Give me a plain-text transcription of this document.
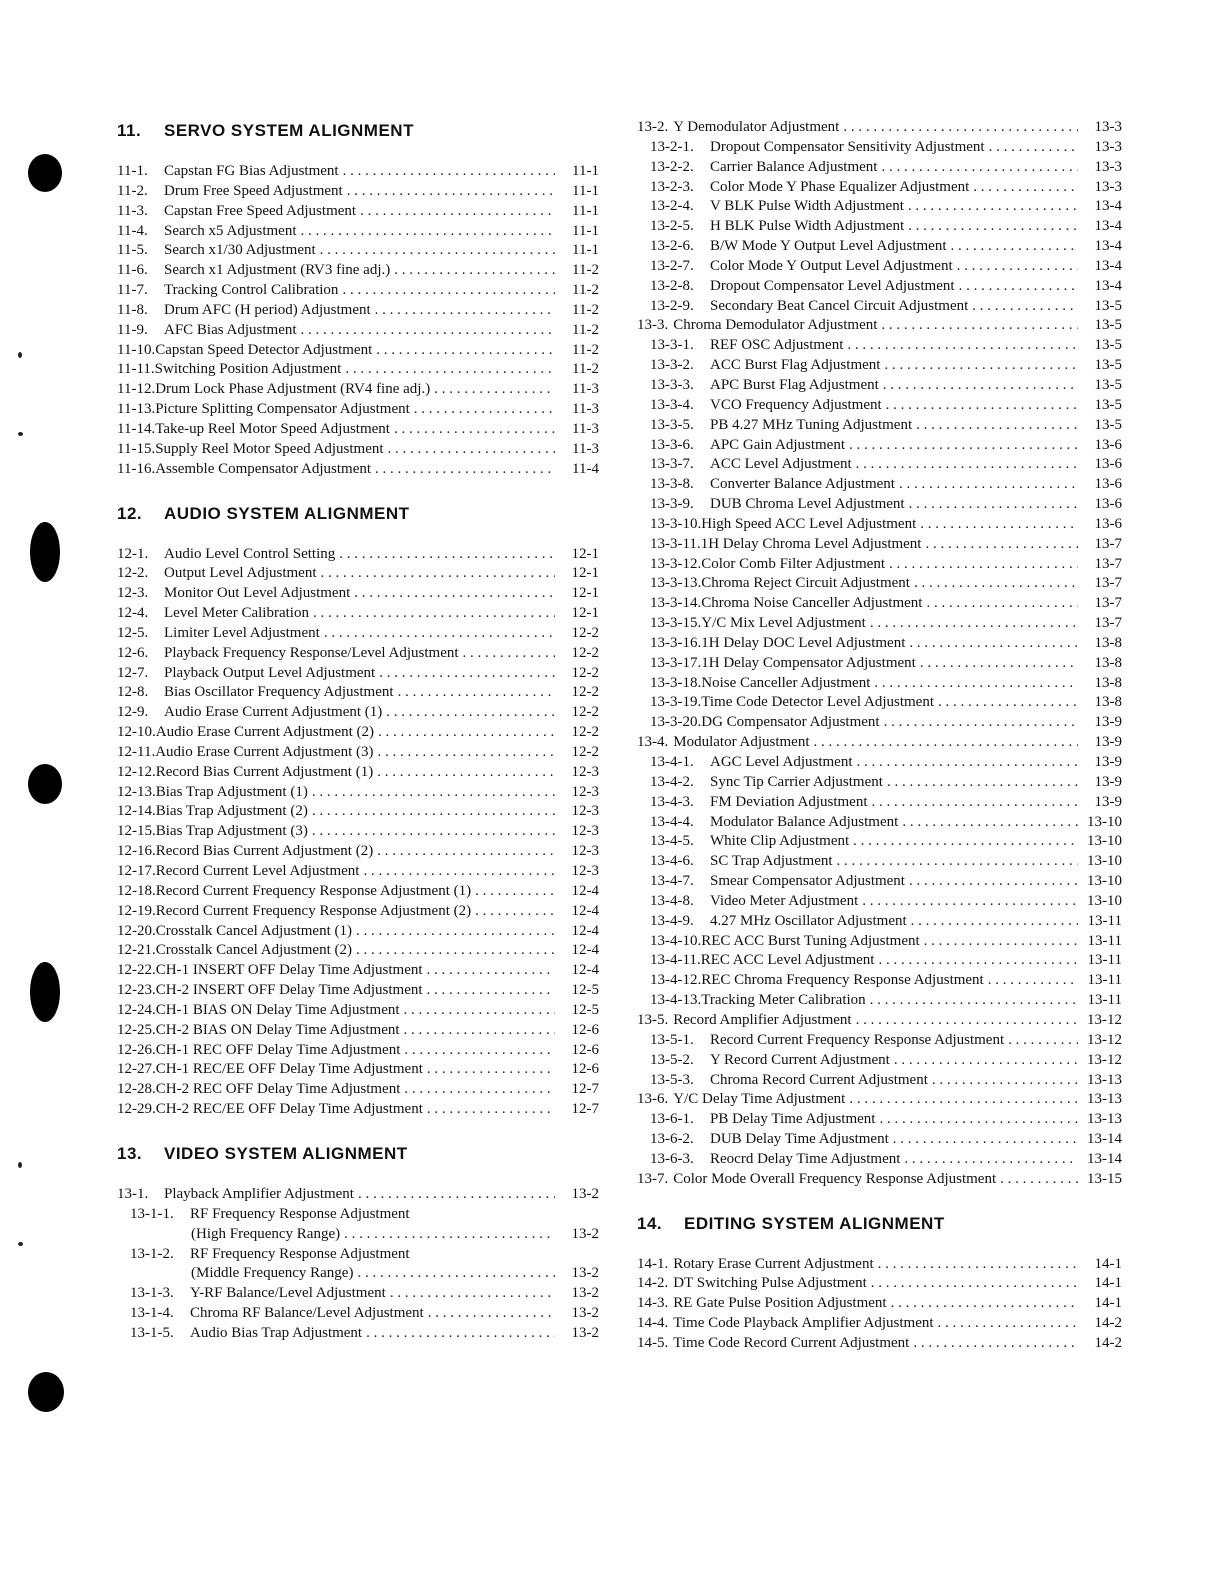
11. SERVO SYSTEM ALIGNMENT
11-1.	Capstan FG Bias Adjustment . . .	11-1
11-2.	Drum Free Speed Adjustment . . .	11-1
11-3.	Capstan Free Speed Adjustment . . .	11-1
11-4.	Search x5 Adjustment . . .	11-1
11-5.	Search x1/30 Adjustment . . .	11-1
11-6.	Search x1 Adjustment (RV3 fine adj.) . . .	11-2
11-7.	Tracking Control Calibration . . .	11-2
11-8.	Drum AFC (H period) Adjustment . . .	11-2
11-9.	AFC Bias Adjustment . . .	11-2
11-10. Capstan Speed Detector Adjustment . . .	11-2
11-11. Switching Position Adjustment . . .	11-2
11-12. Drum Lock Phase Adjustment (RV4 fine adj.) . . .	11-3
11-13. Picture Splitting Compensator Adjustment . . .	11-3
11-14. Take-up Reel Motor Speed Adjustment . . .	11-3
11-15. Supply Reel Motor Speed Adjustment . . .	11-3
11-16. Assemble Compensator Adjustment . . .	11-4
12. AUDIO SYSTEM ALIGNMENT
12-1.	Audio Level Control Setting . . .	12-1
12-2.	Output Level Adjustment . . .	12-1
12-3.	Monitor Out Level Adjustment . . .	12-1
12-4.	Level Meter Calibration . . .	12-1
12-5.	Limiter Level Adjustment . . .	12-2
12-6.	Playback Frequency Response/Level Adjustment . . .	12-2
12-7.	Playback Output Level Adjustment . . .	12-2
12-8.	Bias Oscillator Frequency Adjustment . . .	12-2
12-9.	Audio Erase Current Adjustment (1) . . .	12-2
12-10. Audio Erase Current Adjustment (2) . . .	12-2
12-11. Audio Erase Current Adjustment (3) . . .	12-2
12-12. Record Bias Current Adjustment (1) . . .	12-3
12-13. Bias Trap Adjustment (1) . . .	12-3
12-14. Bias Trap Adjustment (2) . . .	12-3
12-15. Bias Trap Adjustment (3) . . .	12-3
12-16. Record Bias Current Adjustment (2) . . .	12-3
12-17. Record Current Level Adjustment . . .	12-3
12-18. Record Current Frequency Response Adjustment (1) . . .	12-4
12-19. Record Current Frequency Response Adjustment (2) . . .	12-4
12-20. Crosstalk Cancel Adjustment (1) . . .	12-4
12-21. Crosstalk Cancel Adjustment (2) . . .	12-4
12-22. CH-1 INSERT OFF Delay Time Adjustment . . .	12-4
12-23. CH-2 INSERT OFF Delay Time Adjustment . . .	12-5
12-24. CH-1 BIAS ON Delay Time Adjustment . . .	12-5
12-25. CH-2 BIAS ON Delay Time Adjustment . . .	12-6
12-26. CH-1 REC OFF Delay Time Adjustment . . .	12-6
12-27. CH-1 REC/EE OFF Delay Time Adjustment . . .	12-6
12-28. CH-2 REC OFF Delay Time Adjustment . . .	12-7
12-29. CH-2 REC/EE OFF Delay Time Adjustment . . .	12-7
13. VIDEO SYSTEM ALIGNMENT
13-1.	Playback Amplifier Adjustment . . .	13-2
13-1-1.	RF Frequency Response Adjustment
(High Frequency Range) . . .	13-2
13-1-2.	RF Frequency Response Adjustment
(Middle Frequency Range) . . .	13-2
13-1-3.	Y-RF Balance/Level Adjustment . . .	13-2
13-1-4.	Chroma RF Balance/Level Adjustment . . .	13-2
13-1-5.	Audio Bias Trap Adjustment . . .	13-2
13-2. Y Demodulator Adjustment . . .	13-3
13-2-1.	Dropout Compensator Sensitivity Adjustment . . .	13-3
13-2-2.	Carrier Balance Adjustment . . .	13-3
13-2-3.	Color Mode Y Phase Equalizer Adjustment . . .	13-3
13-2-4.	V BLK Pulse Width Adjustment . . .	13-4
13-2-5.	H BLK Pulse Width Adjustment . . .	13-4
13-2-6.	B/W Mode Y Output Level Adjustment . . .	13-4
13-2-7.	Color Mode Y Output Level Adjustment . . .	13-4
13-2-8.	Dropout Compensator Level Adjustment . . .	13-4
13-2-9.	Secondary Beat Cancel Circuit Adjustment . . .	13-5
13-3. Chroma Demodulator Adjustment . . .	13-5
13-3-1.	REF OSC Adjustment . . .	13-5
13-3-2.	ACC Burst Flag Adjustment . . .	13-5
13-3-3.	APC Burst Flag Adjustment . . .	13-5
13-3-4.	VCO Frequency Adjustment . . .	13-5
13-3-5.	PB 4.27 MHz Tuning Adjustment . . .	13-5
13-3-6.	APC Gain Adjustment . . .	13-6
13-3-7.	ACC Level Adjustment . . .	13-6
13-3-8.	Converter Balance Adjustment . . .	13-6
13-3-9.	DUB Chroma Level Adjustment . . .	13-6
13-3-10. High Speed ACC Level Adjustment . . .	13-6
13-3-11. 1H Delay Chroma Level Adjustment . . .	13-7
13-3-12. Color Comb Filter Adjustment . . .	13-7
13-3-13. Chroma Reject Circuit Adjustment . . .	13-7
13-3-14. Chroma Noise Canceller Adjustment . . .	13-7
13-3-15. Y/C Mix Level Adjustment . . .	13-7
13-3-16. 1H Delay DOC Level Adjustment . . .	13-8
13-3-17. 1H Delay Compensator Adjustment . . .	13-8
13-3-18. Noise Canceller Adjustment . . .	13-8
13-3-19. Time Code Detector Level Adjustment . . .	13-8
13-3-20. DG Compensator Adjustment . . .	13-9
13-4. Modulator Adjustment . . .	13-9
13-4-1.	AGC Level Adjustment . . .	13-9
13-4-2.	Sync Tip Carrier Adjustment . . .	13-9
13-4-3.	FM Deviation Adjustment . . .	13-9
13-4-4.	Modulator Balance Adjustment . . .	13-10
13-4-5.	White Clip Adjustment . . .	13-10
13-4-6.	SC Trap Adjustment . . .	13-10
13-4-7.	Smear Compensator Adjustment . . .	13-10
13-4-8.	Video Meter Adjustment . . .	13-10
13-4-9.	4.27 MHz Oscillator Adjustment . . .	13-11
13-4-10. REC ACC Burst Tuning Adjustment . . .	13-11
13-4-11. REC ACC Level Adjustment . . .	13-11
13-4-12. REC Chroma Frequency Response Adjustment . . .	13-11
13-4-13. Tracking Meter Calibration . . .	13-11
13-5. Record Amplifier Adjustment . . .	13-12
13-5-1.	Record Current Frequency Response Adjustment . . .	13-12
13-5-2.	Y Record Current Adjustment . . .	13-12
13-5-3.	Chroma Record Current Adjustment . . .	13-13
13-6. Y/C Delay Time Adjustment . . .	13-13
13-6-1.	PB Delay Time Adjustment . . .	13-13
13-6-2.	DUB Delay Time Adjustment . . .	13-14
13-6-3.	Reocrd Delay Time Adjustment . . .	13-14
13-7. Color Mode Overall Frequency Response Adjustment . . .	13-15
14. EDITING SYSTEM ALIGNMENT
14-1. Rotary Erase Current Adjustment . . .	14-1
14-2. DT Switching Pulse Adjustment . . .	14-1
14-3. RE Gate Pulse Position Adjustment . . .	14-1
14-4. Time Code Playback Amplifier Adjustment . . .	14-2
14-5. Time Code Record Current Adjustment . . .	14-2
